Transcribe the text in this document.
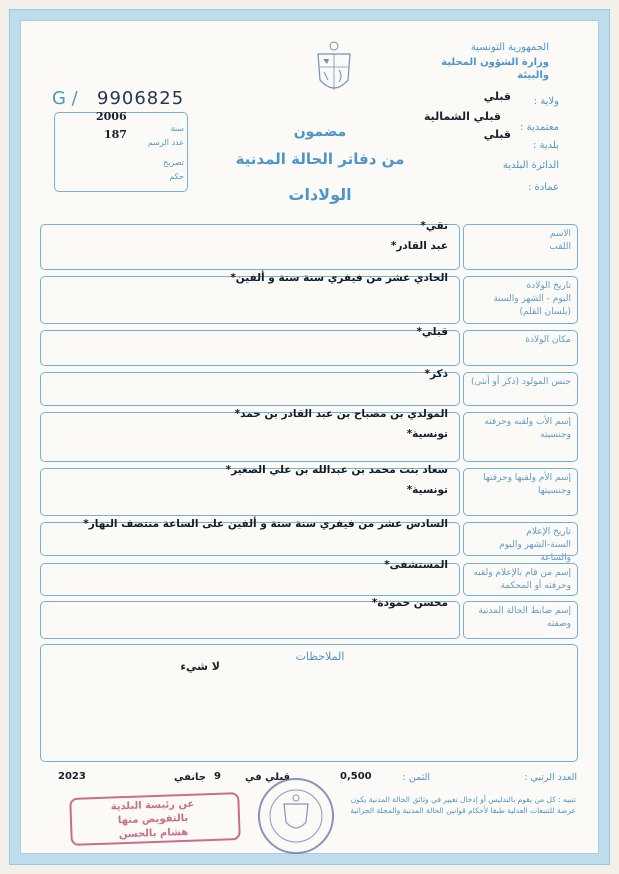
الجمهورية التونسية
وزارة الشؤون المحلية والبيئة
ولاية :
قبلي
معتمدية :
قبلي الشمالية
بلدية :
قبلي
الدائرة البلدية
عمادة :
G / 9906825
2006
سنة
187
عدد الرسم
تصريح
حكم
مضمون
من دفاتر الحالة المدنية
الولادات
الاسم
اللقب
تقي*
عبد القادر*
تاريخ الولادة
اليوم - الشهر والسنة
(بلسان القلم)
الحادي عشر من فيفري سنة ستة و ألفين*
مكان الولادة
قبلي*
جنس المولود (ذكر أو أنثى)
ذكر*
إسم الأب ولقبه وحرفته
وجنسيته
المولدي بن مصباح بن عبد القادر بن حمد*
تونسية*
إسم الأم ولقبها وحرفتها
وجنسيتها
سعاد بنت محمد بن عبدالله بن علي الصغير*
تونسية*
تاريخ الإعلام
السنة-الشهر واليوم والساعة
السادس عشر من فيفري سنة ستة و ألفين على الساعة منتصف النهار*
إسم من قام بالإعلام ولقبه
وحرفته أو المحكمة
المستشفى*
إسم ضابط الحالة المدنية
وصفته
محسن حمودة*
الملاحظات
لا شيء
العدد الرتبي :
الثمن :
0,500
قبلي في
9
جانفي
2023
تنبيه : كل من يقوم بالتدليس أو إدخال تغيير في وثائق الحالة المدنية يكون عرضة للتتبعات العدلية طبقا لأحكام قوانين الحالة المدنية والمجلة الجزائية
عن رئيسة البلدية
بالتفويض منها
هشام بالحسن
